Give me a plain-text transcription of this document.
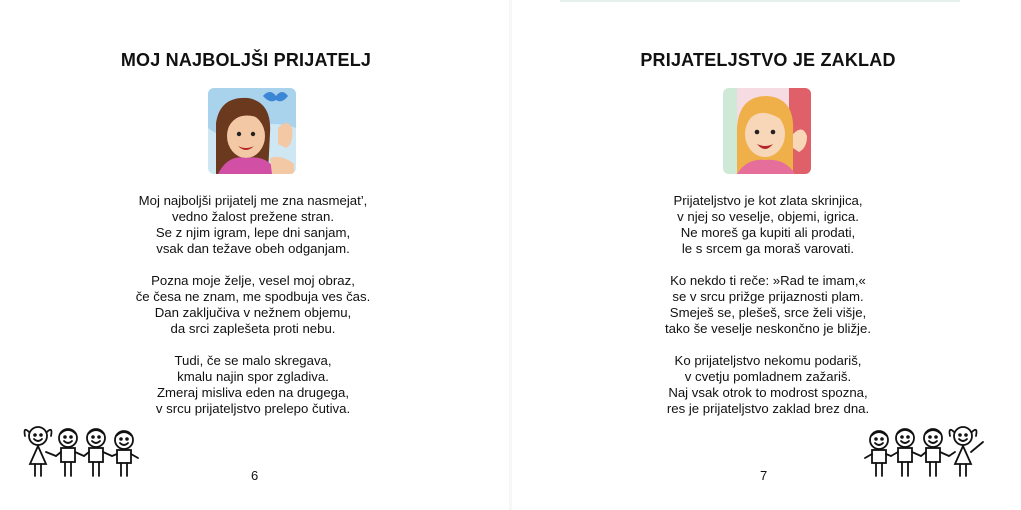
MOJ NAJBOLJŠI PRIJATELJ
Moj najboljši prijatelj me zna nasmejat’,
vedno žalost prežene stran.
Se z njim igram, lepe dni sanjam,
vsak dan težave obeh odganjam.
Pozna moje želje, vesel moj obraz,
če česa ne znam, me spodbuja ves čas.
Dan zaključiva v nežnem objemu,
da srci zaplešeta proti nebu.
Tudi, če se malo skregava,
kmalu najin spor zgladiva.
Zmeraj misliva eden na drugega,
v srcu prijateljstvo prelepo čutiva.
6
PRIJATELJSTVO JE ZAKLAD
Prijateljstvo je kot zlata skrinjica,
v njej so veselje, objemi, igrica.
Ne moreš ga kupiti ali prodati,
le s srcem ga moraš varovati.
Ko nekdo ti reče: »Rad te imam,«
se v srcu prižge prijaznosti plam.
Smeješ se, plešeš, srce želi višje,
tako še veselje neskončno je bližje.
Ko prijateljstvo nekomu podariš,
v cvetju pomladnem zažariš.
Naj vsak otrok to modrost spozna,
res je prijateljstvo zaklad brez dna.
7
